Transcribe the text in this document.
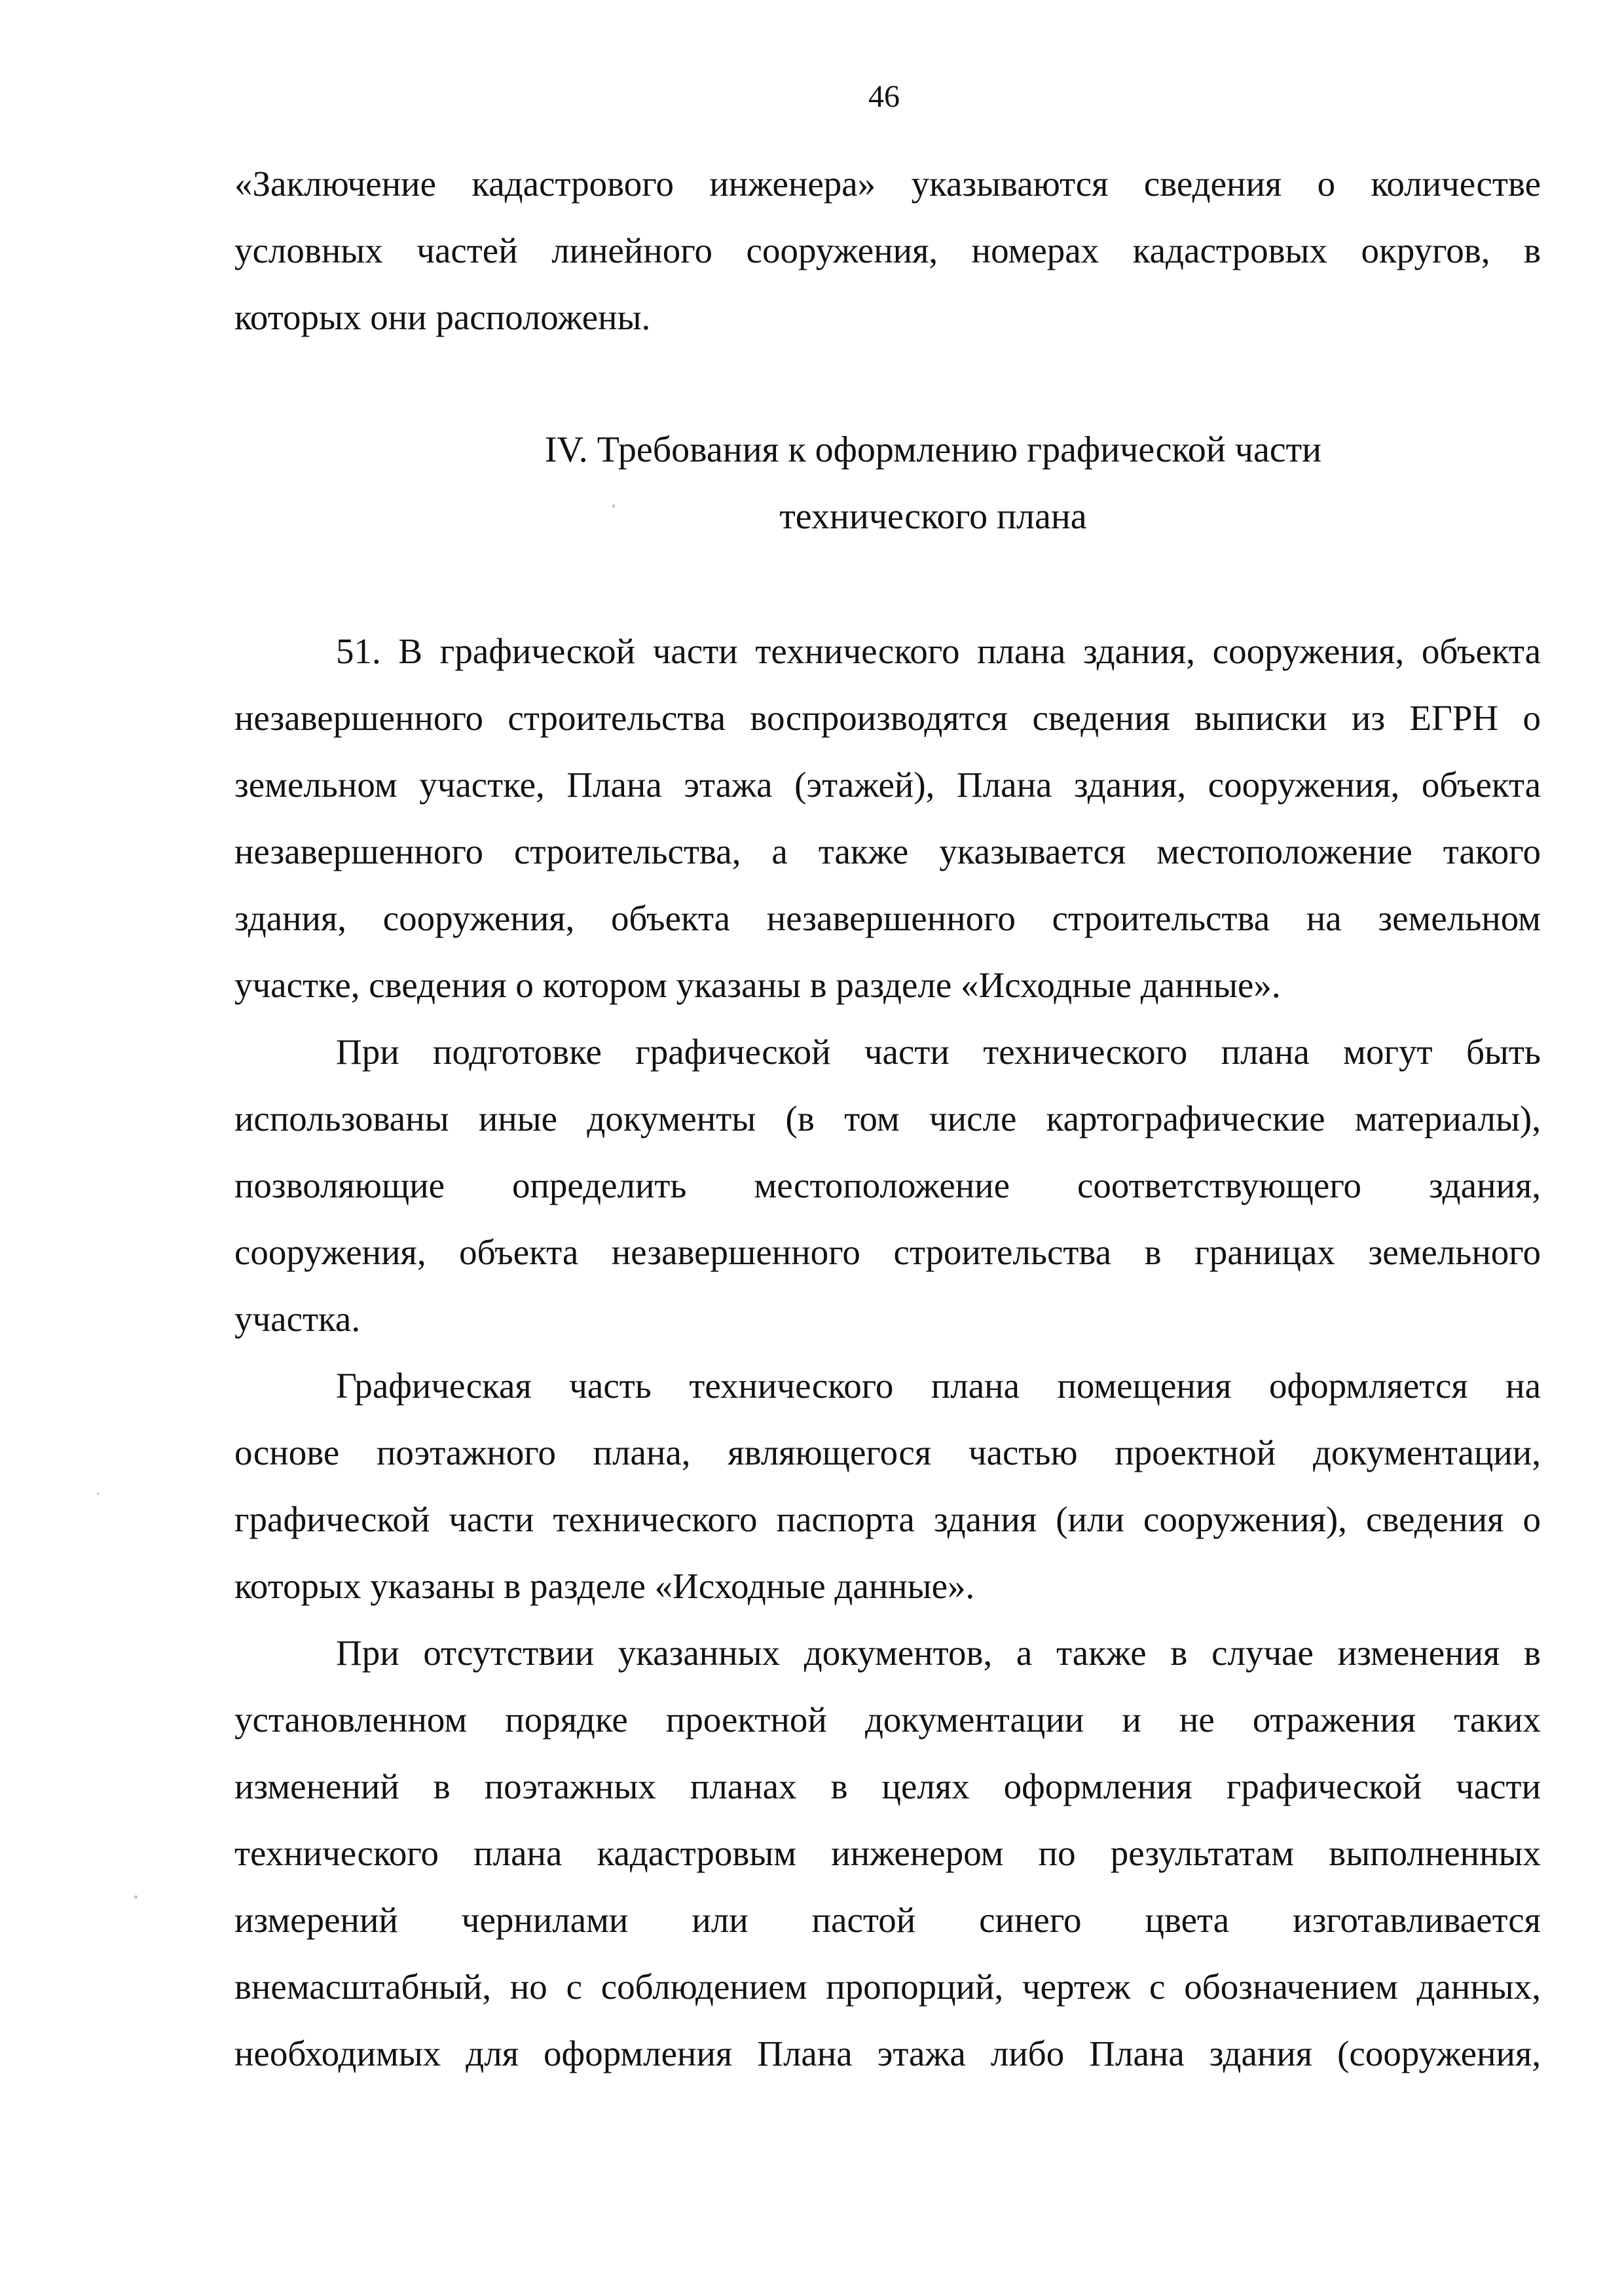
46
«Заключение кадастрового инженера» указываются сведения о количестве
условных частей линейного сооружения, номерах кадастровых округов, в
которых они расположены.
IV. Требования к оформлению графической части
технического плана
51. В графической части технического плана здания, сооружения, объекта
незавершенного строительства воспроизводятся сведения выписки из ЕГРН о
земельном участке, Плана этажа (этажей), Плана здания, сооружения, объекта
незавершенного строительства, а также указывается местоположение такого
здания, сооружения, объекта незавершенного строительства на земельном
участке, сведения о котором указаны в разделе «Исходные данные».
При подготовке графической части технического плана могут быть
использованы иные документы (в том числе картографические материалы),
позволяющие определить местоположение соответствующего здания,
сооружения, объекта незавершенного строительства в границах земельного
участка.
Графическая часть технического плана помещения оформляется на
основе поэтажного плана, являющегося частью проектной документации,
графической части технического паспорта здания (или сооружения), сведения о
которых указаны в разделе «Исходные данные».
При отсутствии указанных документов, а также в случае изменения в
установленном порядке проектной документации и не отражения таких
изменений в поэтажных планах в целях оформления графической части
технического плана кадастровым инженером по результатам выполненных
измерений чернилами или пастой синего цвета изготавливается
внемасштабный, но с соблюдением пропорций, чертеж с обозначением данных,
необходимых для оформления Плана этажа либо Плана здания (сооружения,
